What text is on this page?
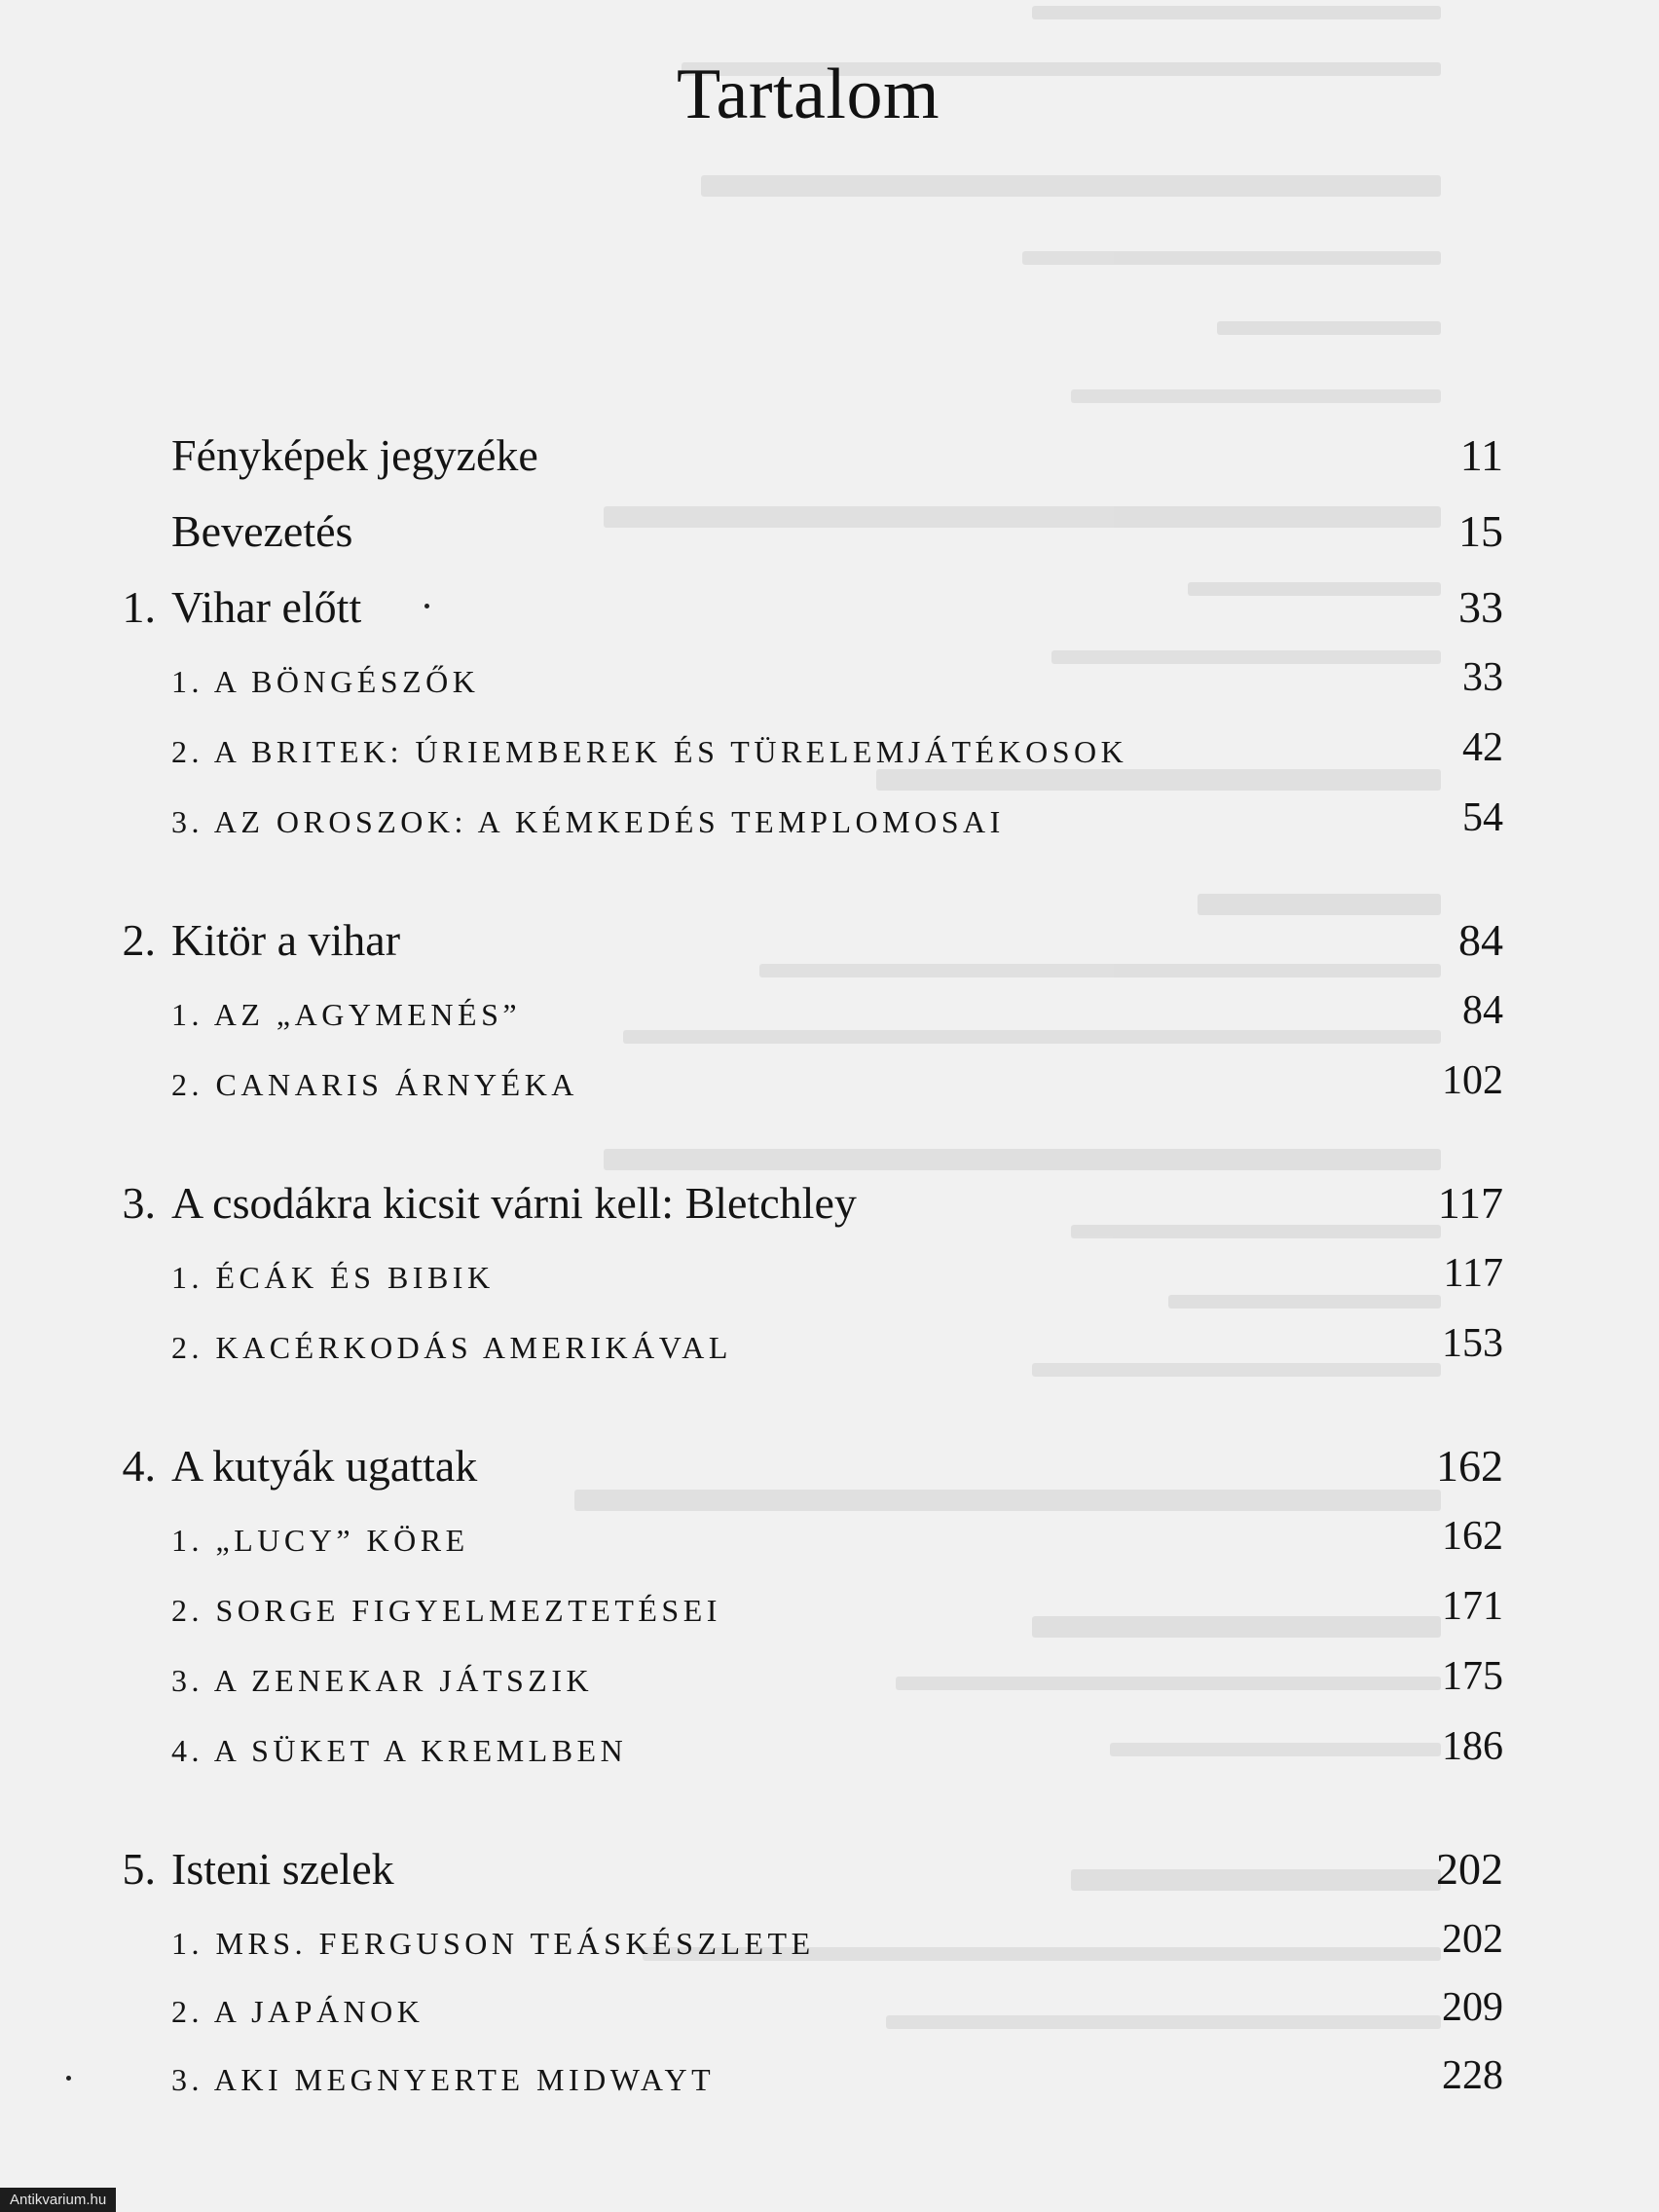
Tartalom
Fényképek jegyzéke	11
Bevezetés	15
1. Vihar előtt	33
1. A BÖNGÉSZŐK	33
2. A BRITEK: ÚRIEMBEREK ÉS TÜRELEMJÁTÉKOSOK	42
3. AZ OROSZOK: A KÉMKEDÉS TEMPLOMOSAI	54
2. Kitör a vihar	84
1. AZ „AGYMENÉS”	84
2. CANARIS ÁRNYÉKA	102
3. A csodákra kicsit várni kell: Bletchley	117
1. ÉCÁK ÉS BIBIK	117
2. KACÉRKODÁS AMERIKÁVAL	153
4. A kutyák ugattak	162
1. „LUCY” KÖRE	162
2. SORGE FIGYELMEZTETÉSEI	171
3. A ZENEKAR JÁTSZIK	175
4. A SÜKET A KREMLBEN	186
5. Isteni szelek	202
1. MRS. FERGUSON TEÁSKÉSZLETE	202
2. A JAPÁNOK	209
3. AKI MEGNYERTE MIDWAYT	228
Antikvarium.hu
